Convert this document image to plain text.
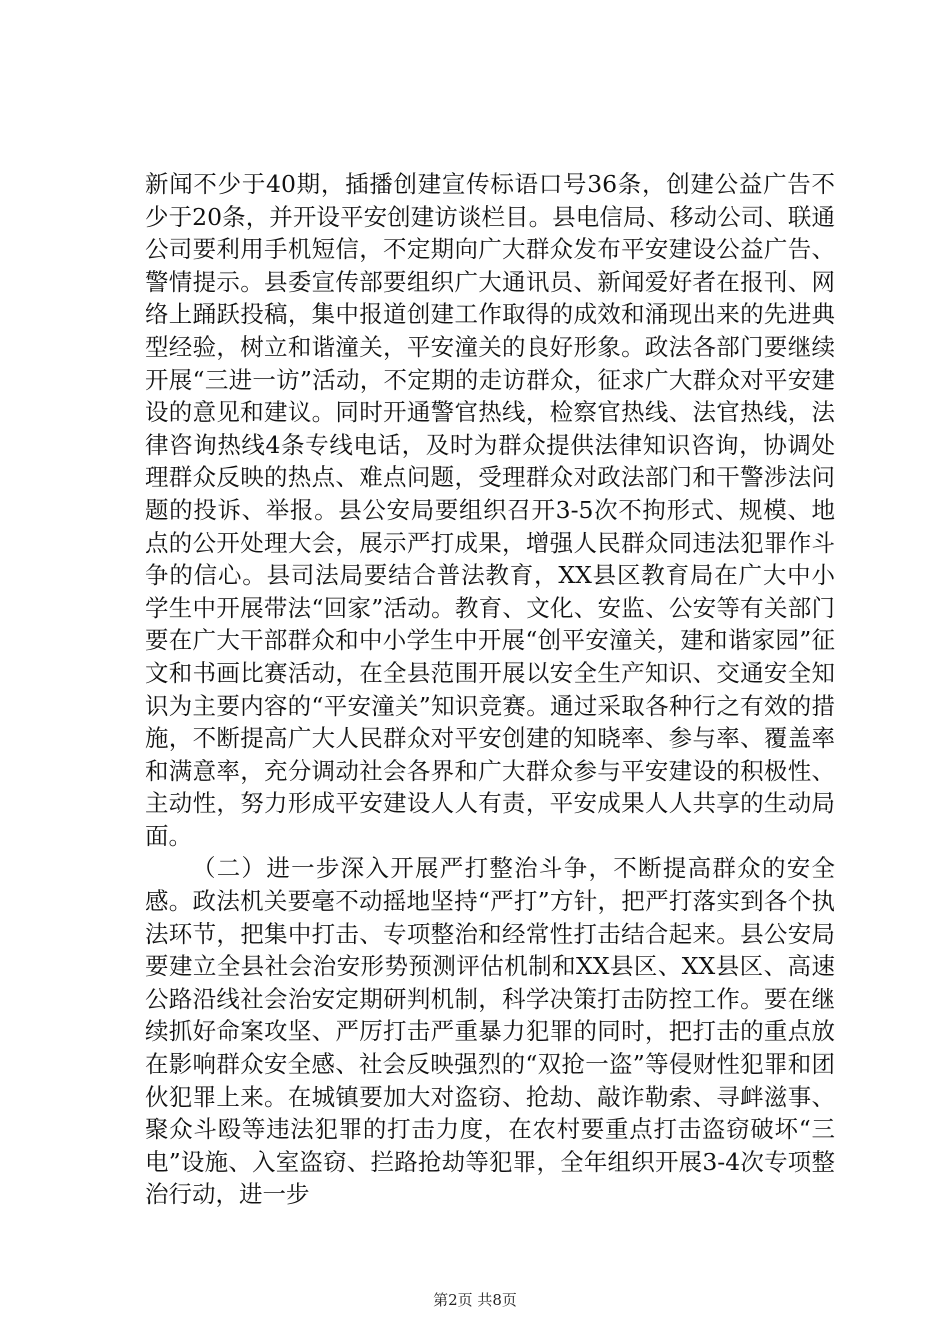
新闻不少于40期，插播创建宣传标语口号36条，创建公益广告不少于20条，并开设平安创建访谈栏目。县电信局、移动公司、联通公司要利用手机短信，不定期向广大群众发布平安建设公益广告、警情提示。县委宣传部要组织广大通讯员、新闻爱好者在报刊、网络上踊跃投稿，集中报道创建工作取得的成效和涌现出来的先进典型经验，树立和谐潼关，平安潼关的良好形象。政法各部门要继续开展“三进一访”活动，不定期的走访群众，征求广大群众对平安建设的意见和建议。同时开通警官热线，检察官热线、法官热线，法律咨询热线4条专线电话，及时为群众提供法律知识咨询，协调处理群众反映的热点、难点问题，受理群众对政法部门和干警涉法问题的投诉、举报。县公安局要组织召开3-5次不拘形式、规模、地点的公开处理大会，展示严打成果，增强人民群众同违法犯罪作斗争的信心。县司法局要结合普法教育，XX县区教育局在广大中小学生中开展带法“回家”活动。教育、文化、安监、公安等有关部门要在广大干部群众和中小学生中开展“创平安潼关，建和谐家园”征文和书画比赛活动，在全县范围开展以安全生产知识、交通安全知识为主要内容的“平安潼关”知识竞赛。通过采取各种行之有效的措施，不断提高广大人民群众对平安创建的知晓率、参与率、覆盖率和满意率，充分调动社会各界和广大群众参与平安建设的积极性、主动性，努力形成平安建设人人有责，平安成果人人共享的生动局面。

（二）进一步深入开展严打整治斗争，不断提高群众的安全感。政法机关要毫不动摇地坚持“严打”方针，把严打落实到各个执法环节，把集中打击、专项整治和经常性打击结合起来。县公安局要建立全县社会治安形势预测评估机制和XX县区、XX县区、高速公路沿线社会治安定期研判机制，科学决策打击防控工作。要在继续抓好命案攻坚、严厉打击严重暴力犯罪的同时，把打击的重点放在影响群众安全感、社会反映强烈的“双抢一盗”等侵财性犯罪和团伙犯罪上来。在城镇要加大对盗窃、抢劫、敲诈勒索、寻衅滋事、聚众斗殴等违法犯罪的打击力度，在农村要重点打击盗窃破坏“三电”设施、入室盗窃、拦路抢劫等犯罪，全年组织开展3-4次专项整治行动，进一步

第2页 共8页
